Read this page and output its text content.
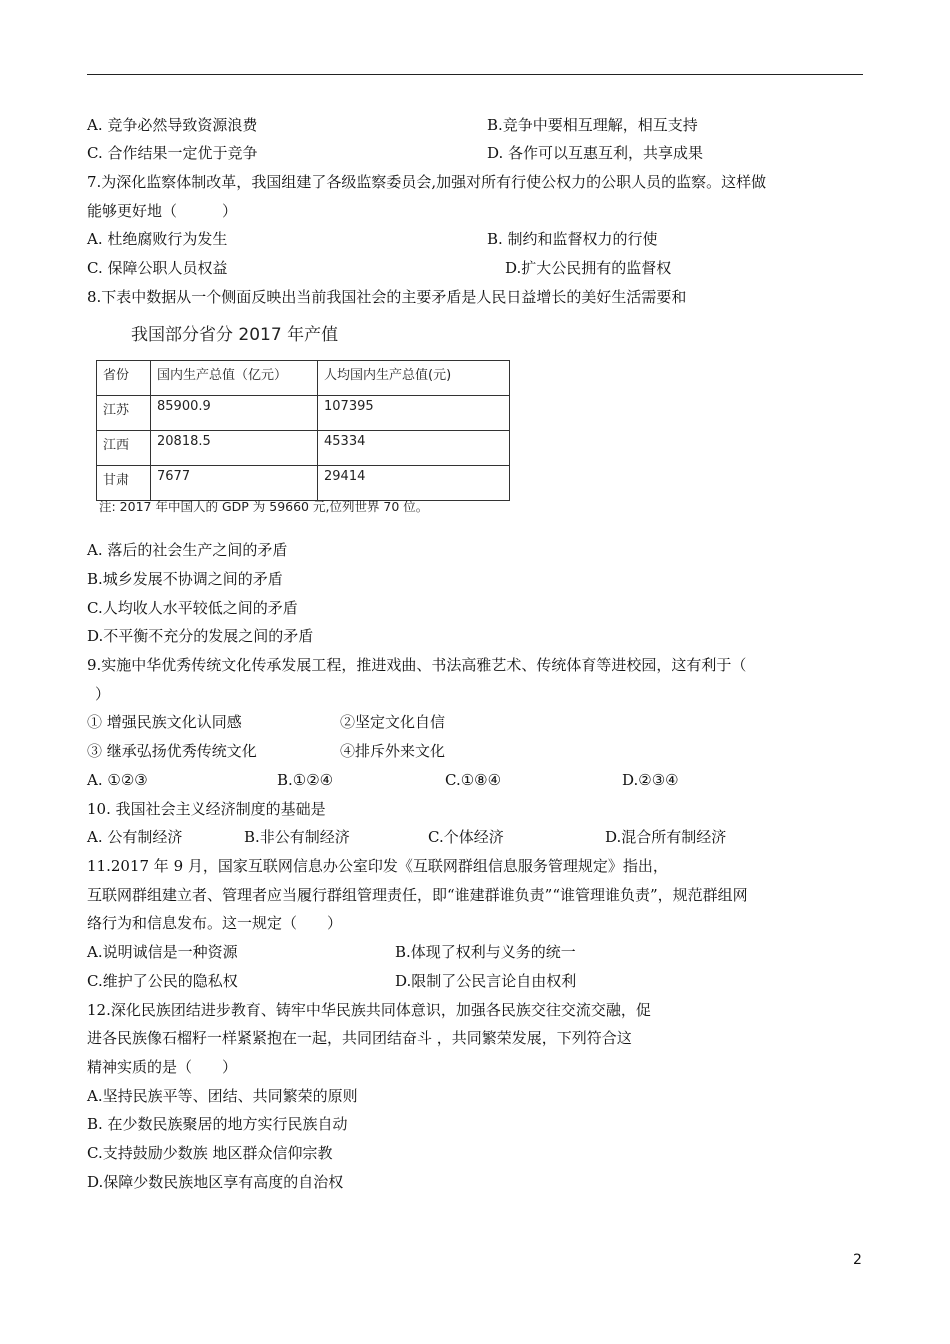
A. 竞争必然导致资源浪费	B.竞争中要相互理解，相互支持
C. 合作结果一定优于竞争	D. 各作可以互惠互利，共享成果
7.为深化监察体制改革，我国组建了各级监察委员会,加强对所有行使公权力的公职人员的监察。这样做
能够更好地（　　　）
A. 杜绝腐败行为发生	B. 制约和监督权力的行使
C. 保障公职人员权益	D.扩大公民拥有的监督权
8.下表中数据从一个侧面反映出当前我国社会的主要矛盾是人民日益增长的美好生活需要和
我国部分省分 2017 年产值
省份	国内生产总值（亿元）	人均国内生产总值(元)
江苏	85900.9	107395
江西	20818.5	45334
甘肃	7677	29414
注: 2017 年中国人的 GDP 为 59660 元,位列世界 70 位。
A. 落后的社会生产之间的矛盾
B.城乡发展不协调之间的矛盾
C.人均收人水平较低之间的矛盾
D.不平衡不充分的发展之间的矛盾
9.实施中华优秀传统文化传承发展工程，推进戏曲、书法高雅艺术、传统体育等进校园，这有利于（
）
① 增强民族文化认同感	②坚定文化自信
③ 继承弘扬优秀传统文化	④排斥外来文化
A. ①②③	B.①②④	C.①⑧④	D.②③④
10. 我国社会主义经济制度的基础是
A. 公有制经济	B.非公有制经济	C.个体经济	D.混合所有制经济
11.2017 年 9 月，国家互联网信息办公室印发《互联网群组信息服务管理规定》指出，
互联网群组建立者、管理者应当履行群组管理责任，即“谁建群谁负责”“谁管理谁负责”，规范群组网
络行为和信息发布。这一规定（　　）
A.说明诚信是一种资源	B.体现了权利与义务的统一
C.维护了公民的隐私权	D.限制了公民言论自由权利
12.深化民族团结进步教育、铸牢中华民族共同体意识，加强各民族交往交流交融，促
进各民族像石榴籽一样紧紧抱在一起，共同团结奋斗 ，共同繁荣发展，下列符合这
精神实质的是（　　）
A.坚持民族平等、团结、共同繁荣的原则
B. 在少数民族聚居的地方实行民族自动
C.支持鼓励少数族 地区群众信仰宗教
D.保障少数民族地区享有高度的自治权
2
